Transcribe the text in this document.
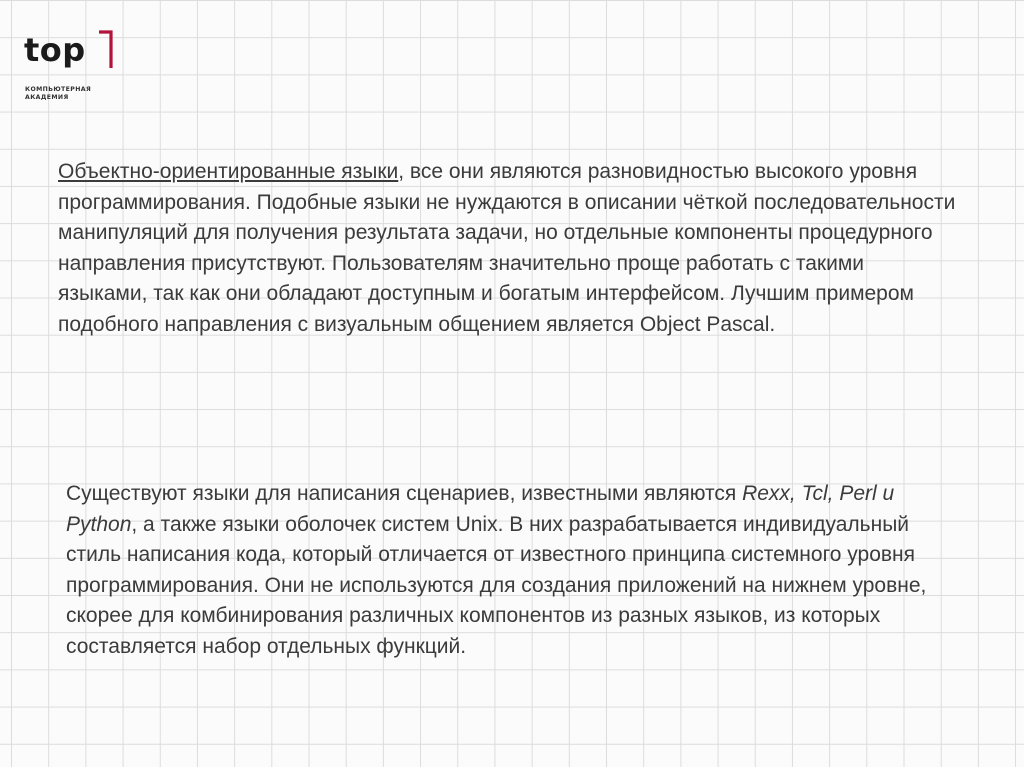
top
КОМПЬЮТЕРНАЯ
АКАДЕМИЯ

Объектно-ориентированные языки, все они являются разновидностью высокого уровня программирования. Подобные языки не нуждаются в описании чёткой последовательности манипуляций для получения результата задачи, но отдельные компоненты процедурного направления присутствуют. Пользователям значительно проще работать с такими языками, так как они обладают доступным и богатым интерфейсом. Лучшим примером подобного направления с визуальным общением является Object Pascal.

Существуют языки для написания сценариев, известными являются Rexx, Tcl, Perl и Python, а также языки оболочек систем Unix. В них разрабатывается индивидуальный стиль написания кода, который отличается от известного принципа системного уровня программирования. Они не используются для создания приложений на нижнем уровне, скорее для комбинирования различных компонентов из разных языков, из которых составляется набор отдельных функций.
